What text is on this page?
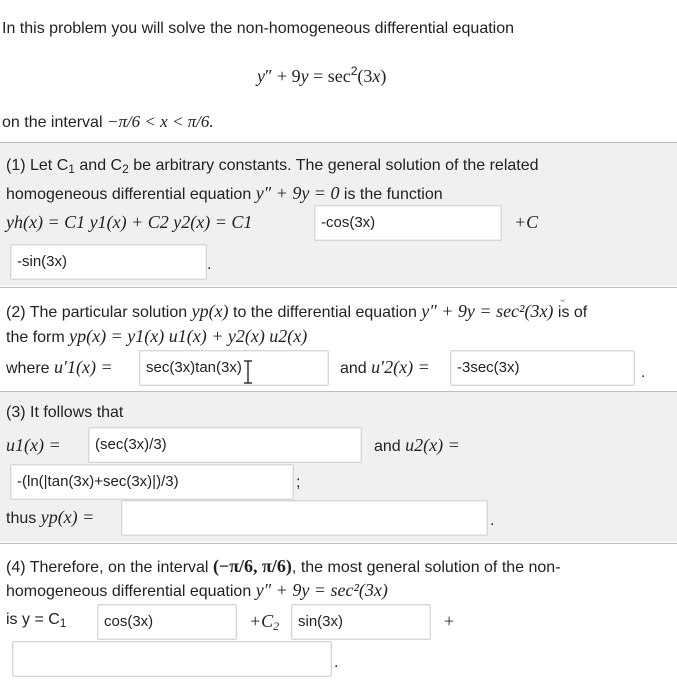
In this problem you will solve the non-homogeneous differential equation
$y'' + 9y = \sec^2(3x)$
on the interval −π/6 < x < π/6.
(1) Let $C_1$ and $C_2$ be arbitrary constants. The general solution of the related
homogeneous differential equation y″ + 9y = 0 is the function
yh(x) = C1 y1(x) + C2 y2(x) = C1	-cos(3x)	+C
-sin(3x)	.
(2) The particular solution yp(x) to the differential equation y″ + 9y = sec²(3x) is of
the form yp(x) = y1(x) u1(x) + y2(x) u2(x)
where u′1(x) =	sec(3x)tan(3x)	and u′2(x) =	-3sec(3x)	.
(3) It follows that
u1(x) =	(sec(3x)/3)	and u2(x) =
-(ln(|tan(3x)+sec(3x)|)/3)	;
thus yp(x) =	.
(4) Therefore, on the interval (−π/6, π/6), the most general solution of the non-
homogeneous differential equation y″ + 9y = sec²(3x)
is $y = C_1$	cos(3x)	$+C_2$	sin(3x)	+
.
⌄
